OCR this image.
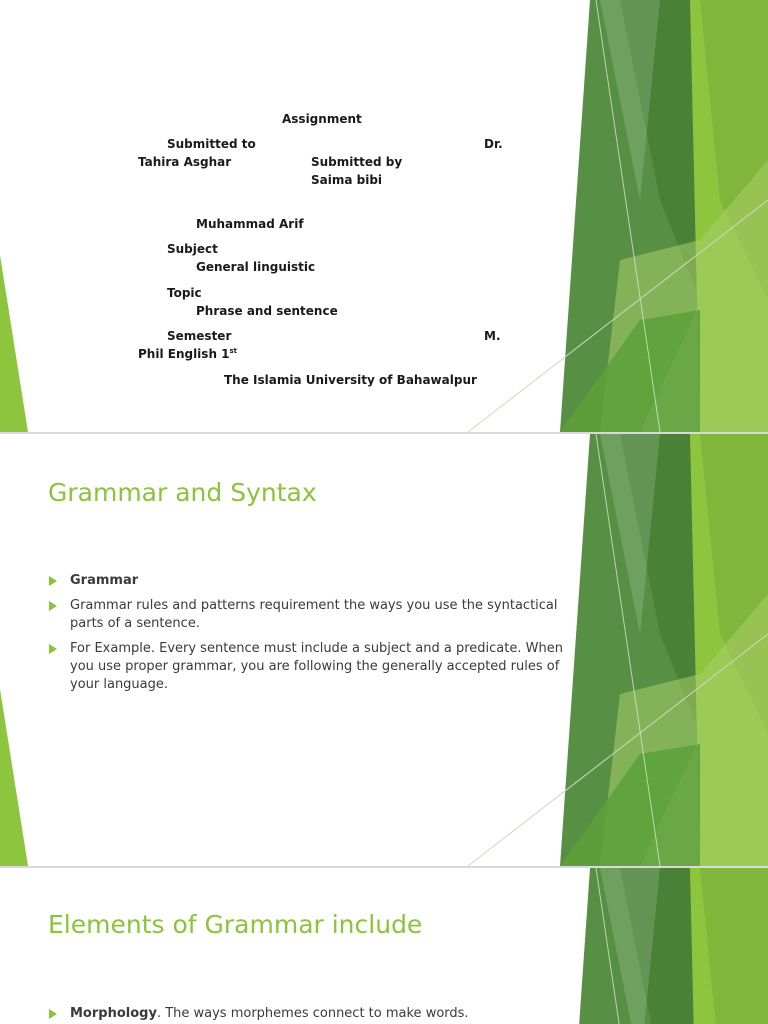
Assignment
Submitted to	Dr.
Tahira Asghar	Submitted by
Saima bibi
Muhammad Arif
Subject
General linguistic
Topic
Phrase and sentence
Semester	M.
Phil English 1st
The Islamia University of Bahawalpur
Grammar and Syntax
Grammar
Grammar rules and patterns requirement the ways you use the syntactical parts of a sentence.
For Example. Every sentence must include a subject and a predicate. When you use proper grammar, you are following the generally accepted rules of your language.
Elements of Grammar include
Morphology. The ways morphemes connect to make words.
